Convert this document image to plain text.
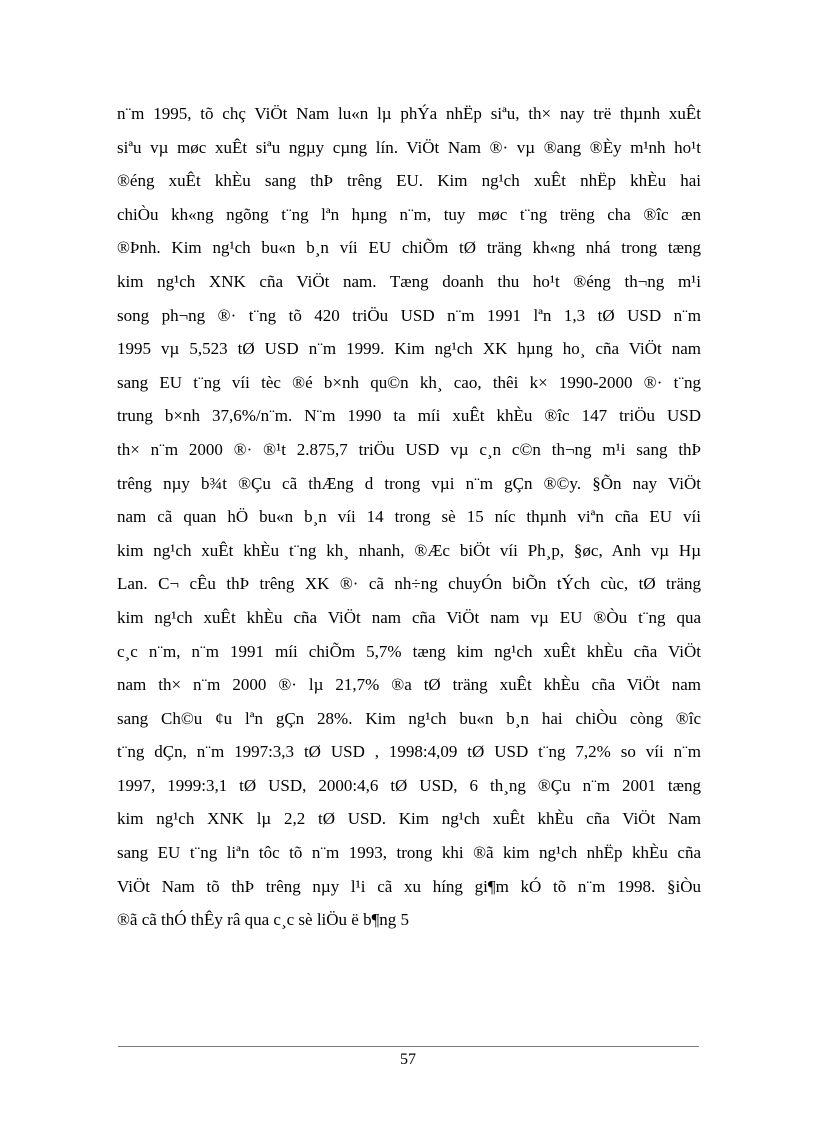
n¨m 1995, tõ chç ViÖt Nam lu«n lµ phÝa nhËp siªu, th× nay trë thµnh xuÊt
siªu vµ møc xuÊt siªu ngµy cµng lín. ViÖt Nam ®· vµ ®ang ®Èy m¹nh ho¹t
®éng xuÊt khÈu sang thÞ trêng EU. Kim ng¹ch xuÊt nhËp khÈu hai
chiÒu kh«ng ngõng t¨ng lªn hµng n¨m, tuy møc t¨ng trëng cha ®îc æn
®Þnh. Kim ng¹ch bu«n b¸n víi EU chiÕm tØ träng kh«ng nhá trong tæng
kim ng¹ch XNK cña ViÖt nam. Tæng doanh thu ho¹t ®éng th¬ng m¹i
song ph¬ng ®· t¨ng tõ 420 triÖu USD n¨m 1991 lªn 1,3 tØ USD n¨m
1995 vµ 5,523 tØ USD n¨m 1999. Kim ng¹ch XK hµng ho¸ cña ViÖt nam
sang EU t¨ng víi tèc ®é b×nh qu©n kh¸ cao, thêi k× 1990-2000 ®· t¨ng
trung b×nh 37,6%/n¨m. N¨m 1990 ta míi xuÊt khÈu ®îc 147 triÖu USD
th× n¨m 2000 ®· ®¹t 2.875,7 triÖu USD vµ c¸n c©n th¬ng m¹i sang thÞ
trêng nµy b¾t ®Çu cã thÆng d trong vµi n¨m gÇn ®©y. §Õn nay ViÖt
nam cã quan hÖ bu«n b¸n víi 14 trong sè 15 níc thµnh viªn cña EU víi
kim ng¹ch xuÊt khÈu t¨ng kh¸ nhanh, ®Æc biÖt víi Ph¸p, §øc, Anh vµ Hµ
Lan. C¬ cÊu thÞ trêng XK ®· cã nh÷ng chuyÓn biÕn tÝch cùc, tØ träng
kim ng¹ch xuÊt khÈu cña ViÖt nam cña ViÖt nam vµ EU ®Òu t¨ng qua
c¸c n¨m, n¨m 1991 míi chiÕm 5,7% tæng kim ng¹ch xuÊt khÈu cña ViÖt
nam th× n¨m 2000 ®· lµ 21,7% ®a tØ träng xuÊt khÈu cña ViÖt nam
sang Ch©u ¢u lªn gÇn 28%. Kim ng¹ch bu«n b¸n hai chiÒu còng ®îc
t¨ng dÇn, n¨m 1997:3,3 tØ USD , 1998:4,09 tØ USD t¨ng 7,2% so víi n¨m
1997, 1999:3,1 tØ USD, 2000:4,6 tØ USD, 6 th¸ng ®Çu n¨m 2001 tæng
kim ng¹ch XNK lµ 2,2 tØ USD. Kim ng¹ch xuÊt khÈu cña ViÖt Nam
sang EU t¨ng liªn tôc tõ n¨m 1993, trong khi ®ã kim ng¹ch nhËp khÈu cña
ViÖt Nam tõ thÞ trêng nµy l¹i cã xu híng gi¶m kÓ tõ n¨m 1998. §iÒu
®ã cã thÓ thÊy râ qua c¸c sè liÖu ë b¶ng 5
57
